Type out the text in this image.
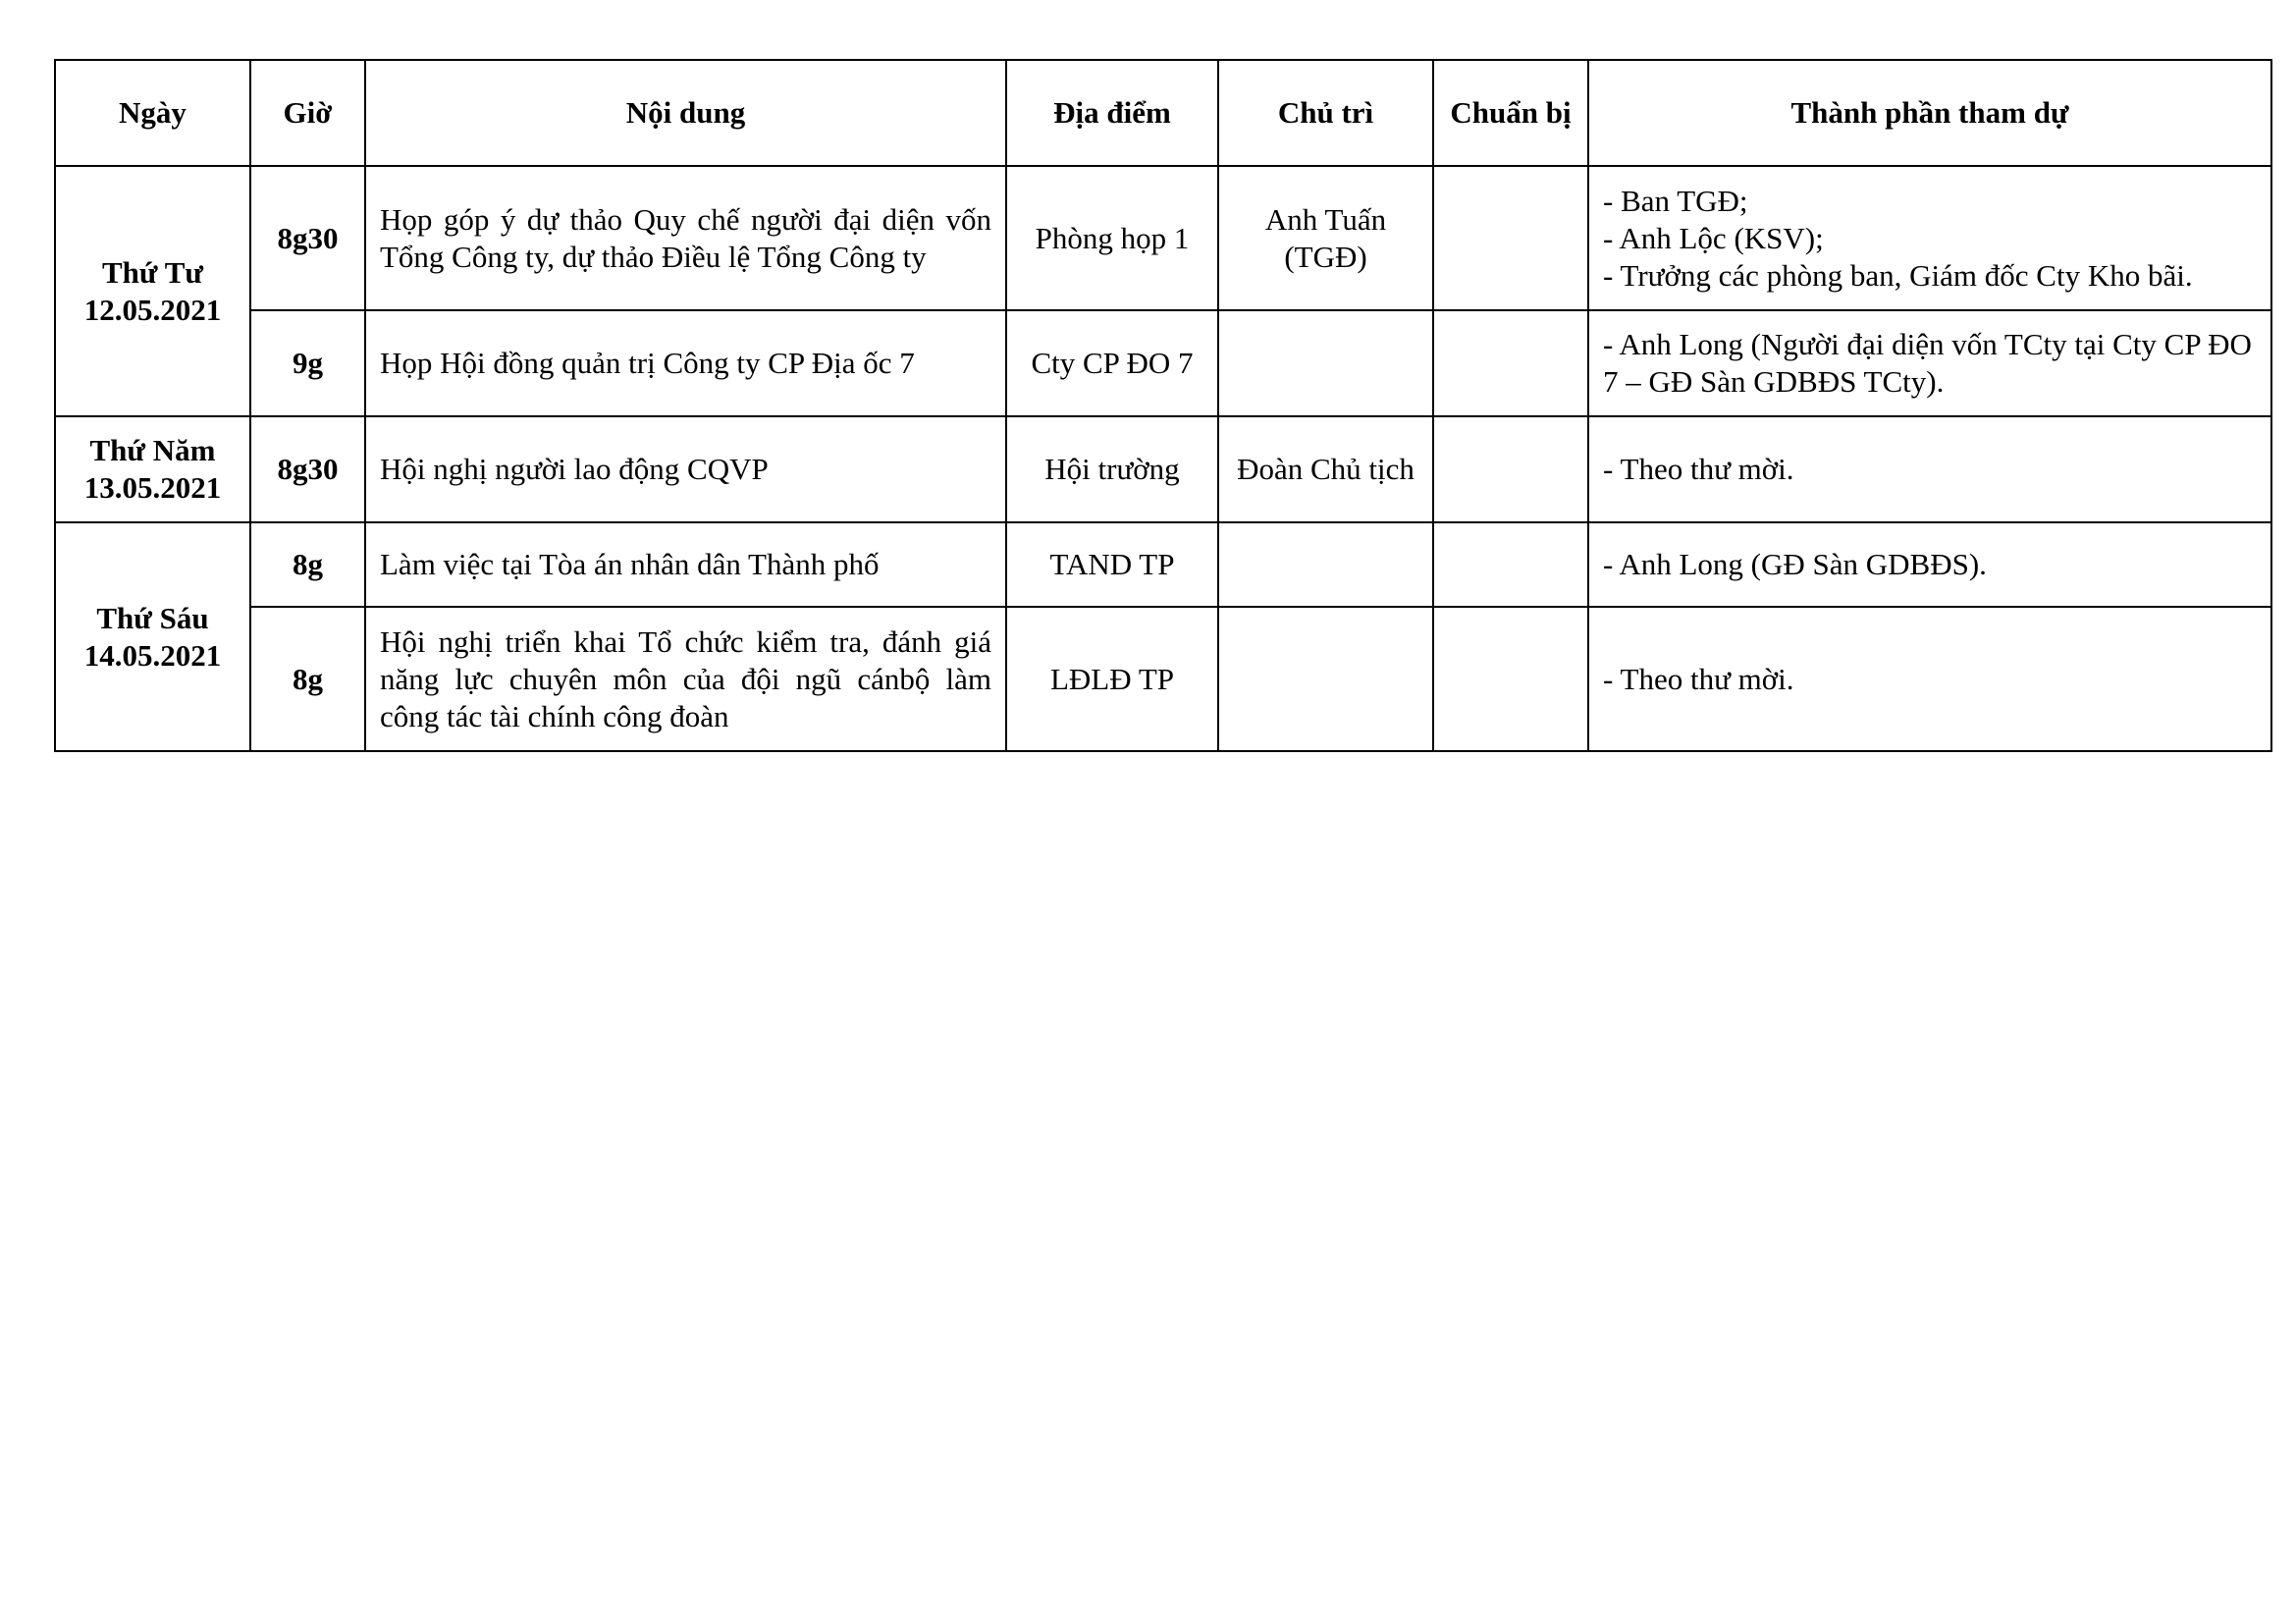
Ngày	Giờ	Nội dung	Địa điểm	Chủ trì	Chuẩn bị	Thành phần tham dự

Thứ Tư
12.05.2021	8g30	Họp góp ý dự thảo Quy chế người đại diện vốn Tổng Công ty, dự thảo Điều lệ Tổng Công ty	Phòng họp 1	Anh Tuấn (TGĐ)		- Ban TGĐ;
- Anh Lộc (KSV);
- Trưởng các phòng ban, Giám đốc Cty Kho bãi.

	9g	Họp Hội đồng quản trị Công ty CP Địa ốc 7	Cty CP ĐO 7			- Anh Long (Người đại diện vốn TCty tại Cty CP ĐO 7 – GĐ Sàn GDBĐS TCty).

Thứ Năm
13.05.2021	8g30	Hội nghị người lao động CQVP	Hội trường	Đoàn Chủ tịch		- Theo thư mời.

Thứ Sáu
14.05.2021	8g	Làm việc tại Tòa án nhân dân Thành phố	TAND TP			- Anh Long (GĐ Sàn GDBĐS).

	8g	Hội nghị triển khai Tổ chức kiểm tra, đánh giá năng lực chuyên môn của đội ngũ cánbộ làm công tác tài chính công đoàn	LĐLĐ TP			- Theo thư mời.
